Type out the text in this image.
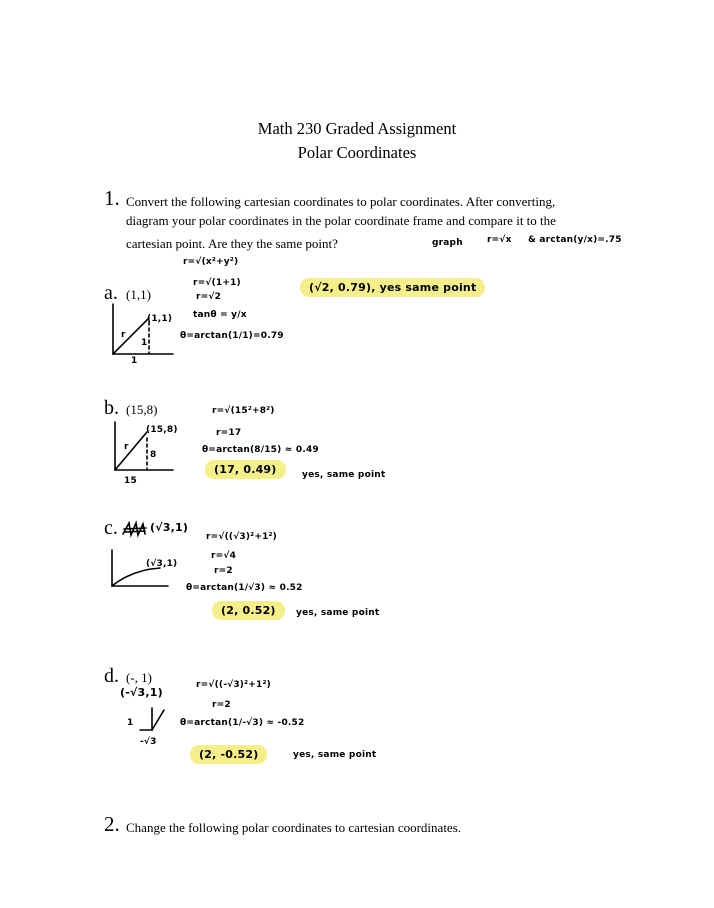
Math 230 Graded Assignment
Polar Coordinates
1. Convert the following cartesian coordinates to polar coordinates. After converting,
diagram your polar coordinates in the polar coordinate frame and compare it to the
cartesian point. Are they the same point?	graph	r=√x & arctan(y/x)=.75
a. (1,1)
r=√(x²+y²)
r=√(1+1)
r=√2
tanθ = y/x
θ=arctan(1/1)=0.79
(√2, 0.79), yes same point
(1,1)
r
1
1
b. (15,8)	r=√(15²+8²)
r=17
θ=arctan(8/15) ≈ 0.49
(17, 0.49)	yes, same point
(15,8)
r
8
15
c.	(√3,1)
r=√((√3)²+1²)
r=√4
r=2
θ=arctan(1/√3) ≈ 0.52
(2, 0.52)	yes, same point
(√3,1)
d. (-, 1)
(-√3,1)
r=√((-√3)²+1²)
r=2
θ=arctan(1/-√3) ≈ -0.52
(2, -0.52)	yes, same point
1
-√3
2. Change the following polar coordinates to cartesian coordinates.
